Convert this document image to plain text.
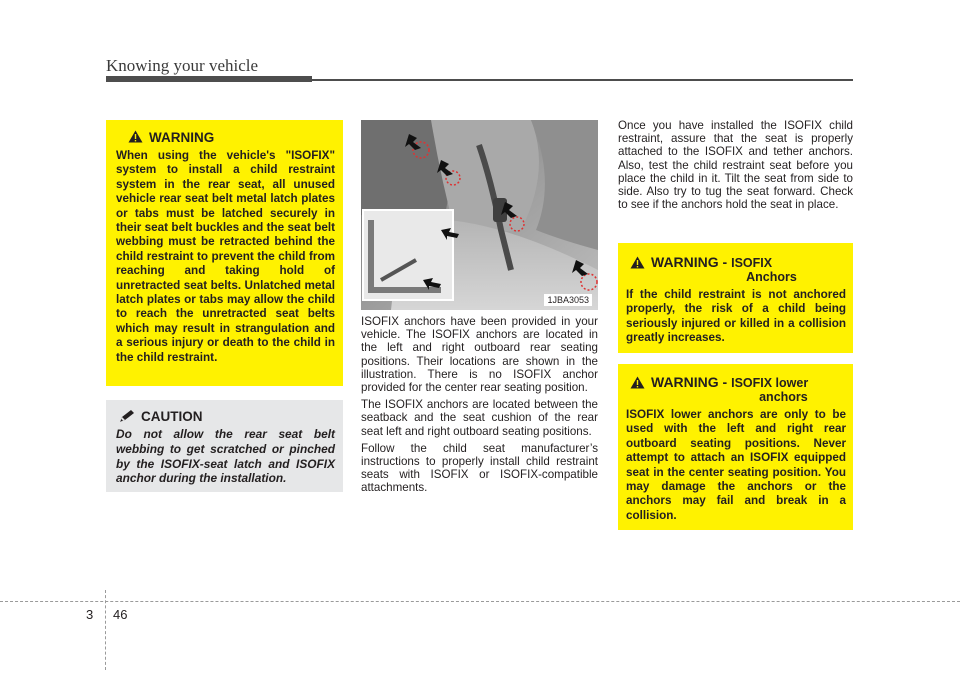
Knowing your vehicle
WARNING
When using the vehicle's "ISOFIX" system to install a child restraint system in the rear seat, all unused vehicle rear seat belt metal latch plates or tabs must be latched securely in their seat belt buckles and the seat belt webbing must be retracted behind the child restraint to prevent the child from reaching and taking hold of unretracted seat belts. Unlatched metal latch plates or tabs may allow the child to reach the unretracted seat belts which may result in strangulation and a serious injury or death to the child in the child restraint.
CAUTION
Do not allow the rear seat belt webbing to get scratched or pinched by the ISOFIX-seat latch and ISOFIX anchor during the installation.
1JBA3053

ISOFIX anchors have been provided in your vehicle. The ISOFIX anchors are located in the left and right outboard rear seating positions. Their locations are shown in the illustration. There is no ISOFIX anchor provided for the center rear seating position.

The ISOFIX anchors are located between the seatback and the seat cushion of the rear seat left and right outboard seating positions.

Follow the child seat manufacturer’s instructions to properly install child restraint seats with ISOFIX or ISOFIX-compatible attachments.

Once you have installed the ISOFIX child restraint, assure that the seat is properly attached to the ISOFIX and tether anchors. Also, test the child restraint seat before you place the child in it. Tilt the seat from side to side. Also try to tug the seat forward. Check to see if the anchors hold the seat in place.

WARNING - ISOFIX
Anchors
If the child restraint is not anchored properly, the risk of a child being seriously injured or killed in a collision greatly increases.
WARNING - ISOFIX lower
anchors
ISOFIX lower anchors are only to be used with the left and right rear outboard seating positions. Never attempt to attach an ISOFIX equipped seat in the center seating position. You may damage the anchors or the anchors may fail and break in a collision.
3 46
